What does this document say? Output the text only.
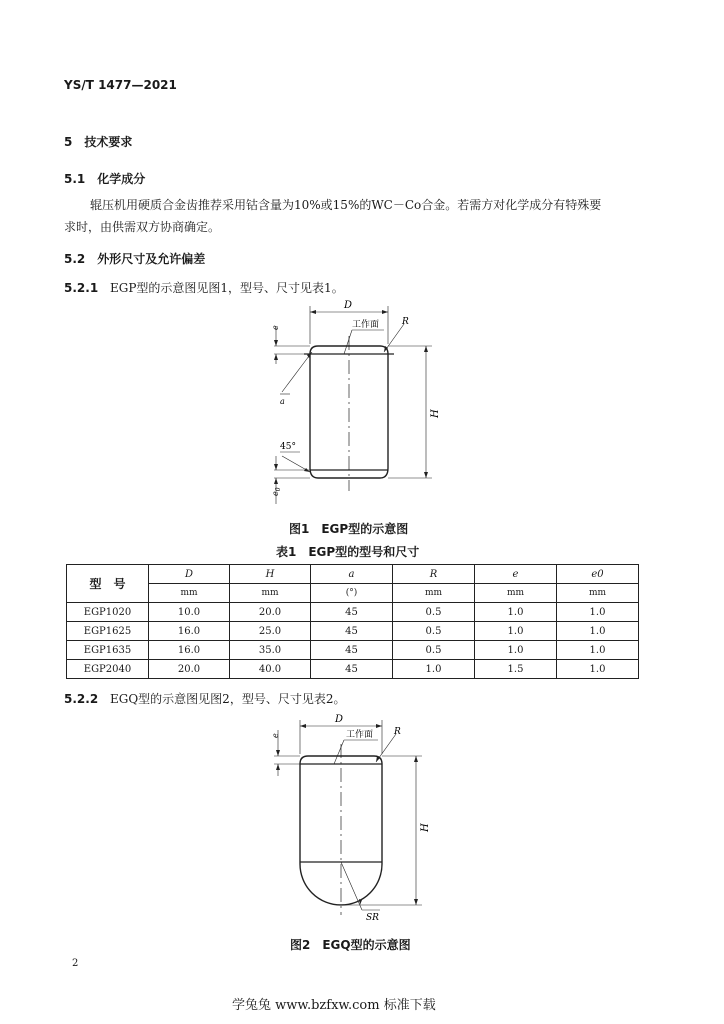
YS/T 1477—2021
5　技术要求
5.1　化学成分
辊压机用硬质合金齿推荐采用钴含量为10%或15%的WC－Co合金。若需方对化学成分有特殊要
求时，由供需双方协商确定。
5.2　外形尺寸及允许偏差
5.2.1 EGP型的示意图见图1，型号、尺寸见表1。
D
工作面	R
e
a
H
45°
$e_0$
图1　EGP型的示意图
表1　EGP型的型号和尺寸
型　号	D	H	a	R	e	e0
	mm	mm	(°)	mm	mm	mm
EGP1020	10.0	20.0	45	0.5	1.0	1.0
EGP1625	16.0	25.0	45	0.5	1.0	1.0
EGP1635	16.0	35.0	45	0.5	1.0	1.0
EGP2040	20.0	40.0	45	1.0	1.5	1.0
5.2.2 EGQ型的示意图见图2，型号、尺寸见表2。
D
工作面 R
e
H
SR
图2　EGQ型的示意图
2
学兔兔 www.bzfxw.com 标准下载
